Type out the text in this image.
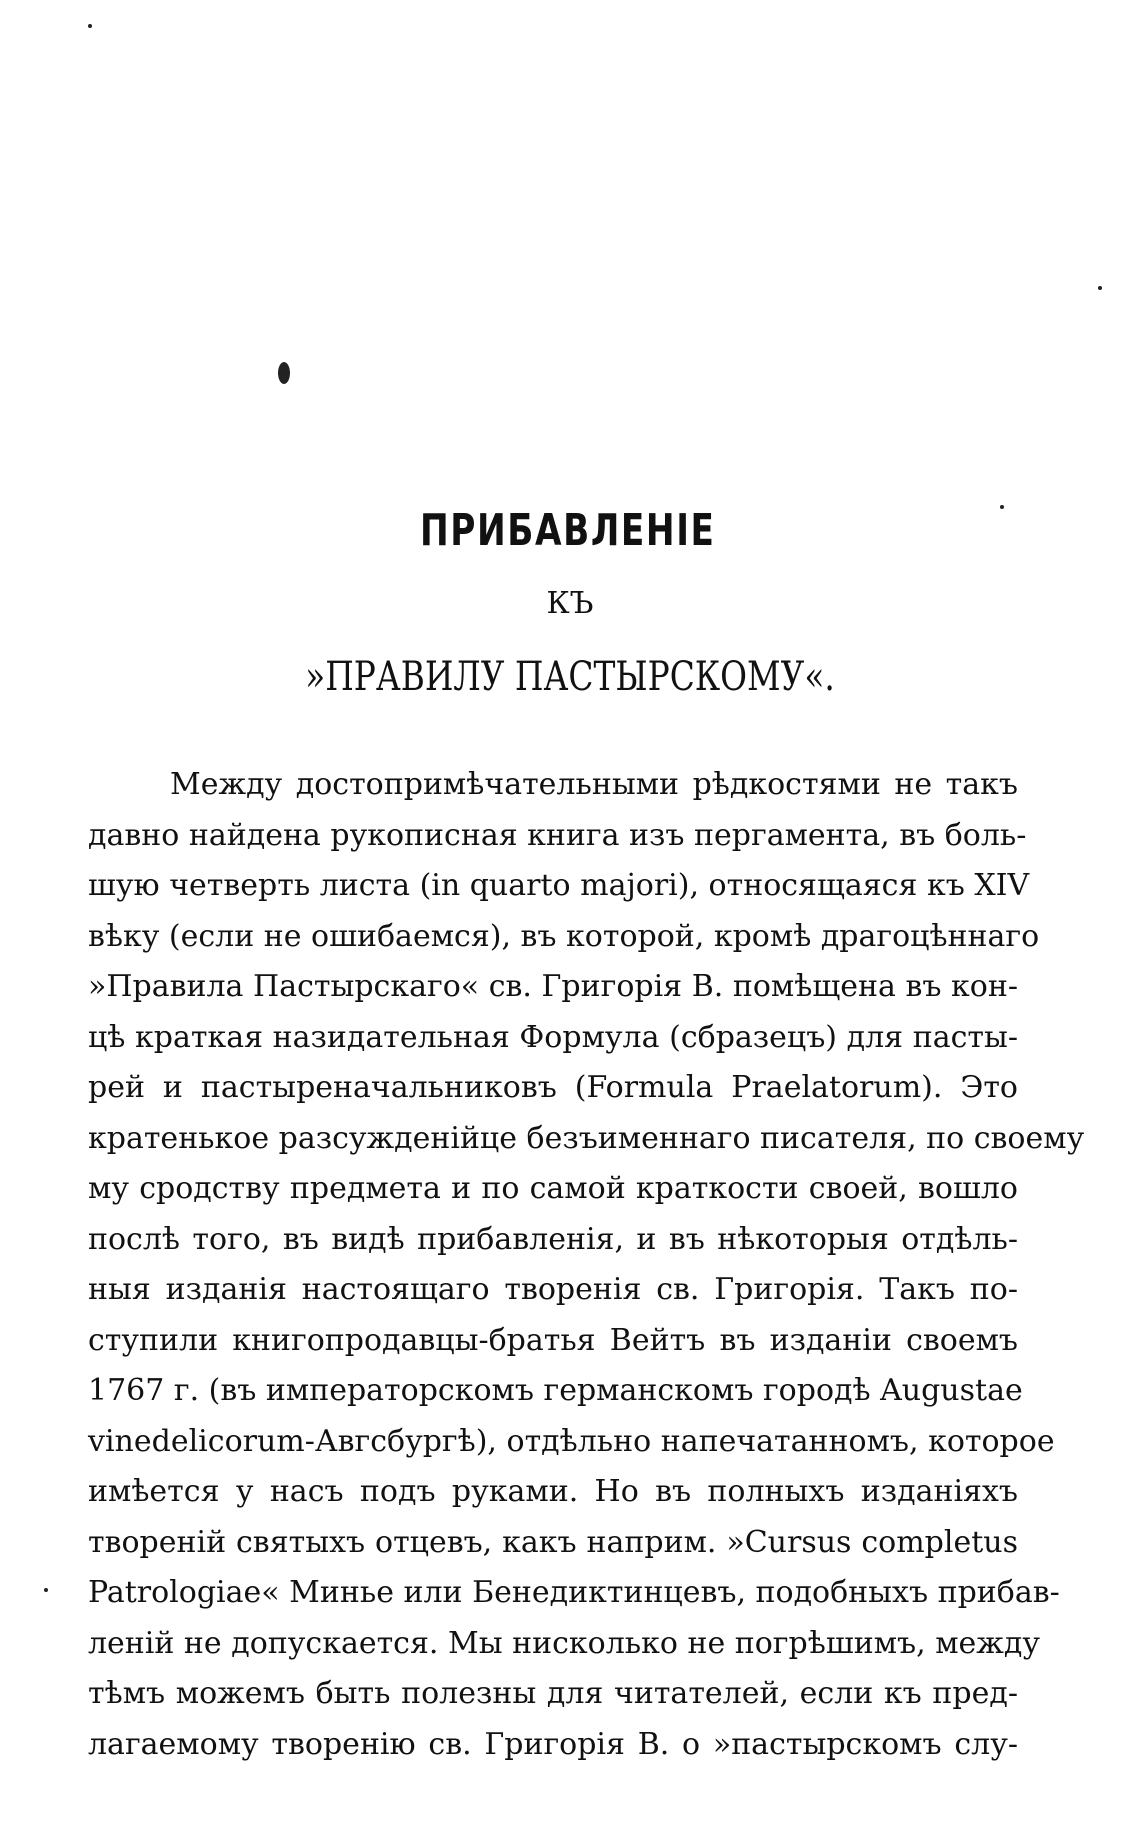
ПРИБАВЛЕНІЕ
КЪ
»ПРАВИЛУ ПАСТЫРСКОМУ«.
Между достопримѣчательными рѣдкостями не такъ
давно найдена рукописная книга изъ пергамента, въ боль-
шую четверть листа (in quarto majori), относящаяся къ XIV
вѣку (если не ошибаемся), въ которой, кромѣ драгоцѣннаго
»Правила Пастырскаго« св. Григорія В. помѣщена въ кон-
цѣ краткая назидательная Формула (сбразецъ) для пасты-
рей и пастыреначальниковъ (Formula Praelatorum). Это
кратенькое разсужденійце безъименнаго писателя, по своему
му сродству предмета и по самой краткости своей, вошло
послѣ того, въ видѣ прибавленія, и въ нѣкоторыя отдѣль-
ныя изданія настоящаго творенія св. Григорія. Такъ по-
ступили книгопродавцы-братья Вейтъ въ изданіи своемъ
1767 г. (въ императорскомъ германскомъ городѣ Augustae
vinedelicorum-Авгсбургѣ), отдѣльно напечатанномъ, которое
имѣется у насъ подъ руками. Но въ полныхъ изданіяхъ
твореній святыхъ отцевъ, какъ наприм. »Cursus completus
Patrologiae« Минье или Бенедиктинцевъ, подобныхъ прибав-
леній не допускается. Мы нисколько не погрѣшимъ, между
тѣмъ можемъ быть полезны для читателей, если къ пред-
лагаемому творенію св. Григорія В. о »пастырскомъ слу-
